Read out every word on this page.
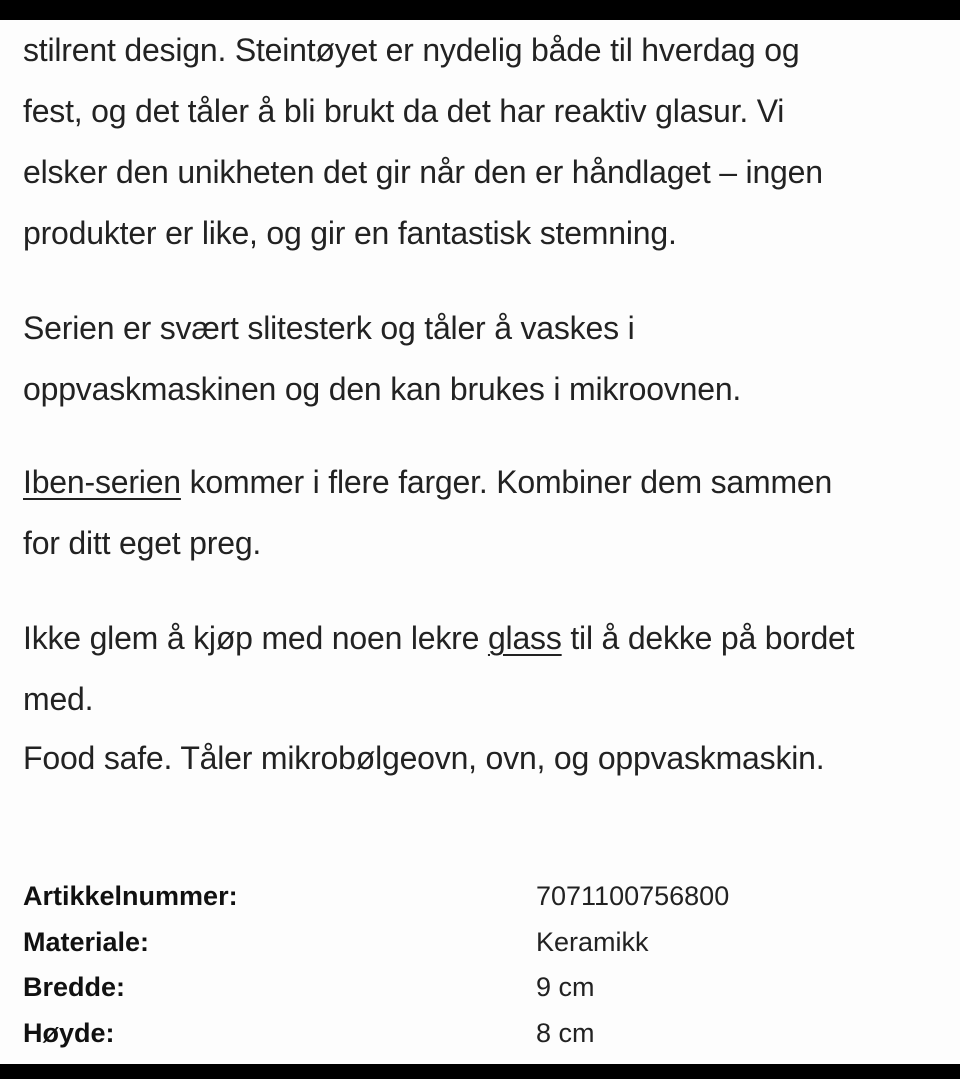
stilrent design. Steintøyet er nydelig både til hverdag og
fest, og det tåler å bli brukt da det har reaktiv glasur. Vi
elsker den unikheten det gir når den er håndlaget – ingen
produkter er like, og gir en fantastisk stemning.

Serien er svært slitesterk og tåler å vaskes i
oppvaskmaskinen og den kan brukes i mikroovnen.

Iben-serien kommer i flere farger. Kombiner dem sammen
for ditt eget preg.

Ikke glem å kjøp med noen lekre glass til å dekke på bordet
med.

Food safe. Tåler mikrobølgeovn, ovn, og oppvaskmaskin.

Artikkelnummer:	7071100756800
Materiale:	Keramikk
Bredde:	9 cm
Høyde:	8 cm
